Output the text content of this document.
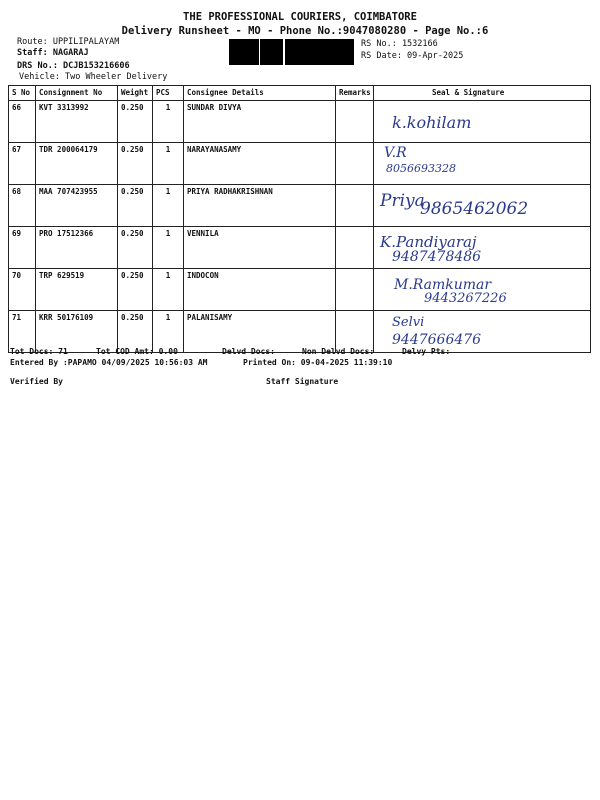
THE PROFESSIONAL COURIERS, COIMBATORE
Delivery Runsheet - MO - Phone No.:9047080280 - Page No.:6
Route: UPPILIPALAYAM
Staff: NAGARAJ
DRS No.: DCJB153216606
Vehicle: Two Wheeler Delivery
RS No.: 1532166
RS Date: 09-Apr-2025
S No	Consignment No	Weight	PCS	Consignee Details	Remarks	Seal & Signature
66	KVT 3313992	0.250	1	SUNDAR DIVYA		k.kohilam

67	TDR 200064179	0.250	1	NARAYANASAMY		V.R
8056693328

68	MAA 707423955	0.250	1	PRIYA RADHAKRISHNAN		Priya
9865462062

69	PRO 17512366	0.250	1	VENNILA		K.Pandiyaraj
9487478486

70	TRP 629519	0.250	1	INDOCON		M.Ramkumar
9443267226

71	KRR 50176109	0.250	1	PALANISAMY		Selvi
9447666476
Tot Docs: 71	Tot COD Amt: 0.00	Delvd Docs:	Non Delvd Docs:	Delvy Pts:
Entered By :PAPAMO 04/09/2025 10:56:03 AM	Printed On: 09-04-2025 11:39:10
Verified By	Staff Signature
